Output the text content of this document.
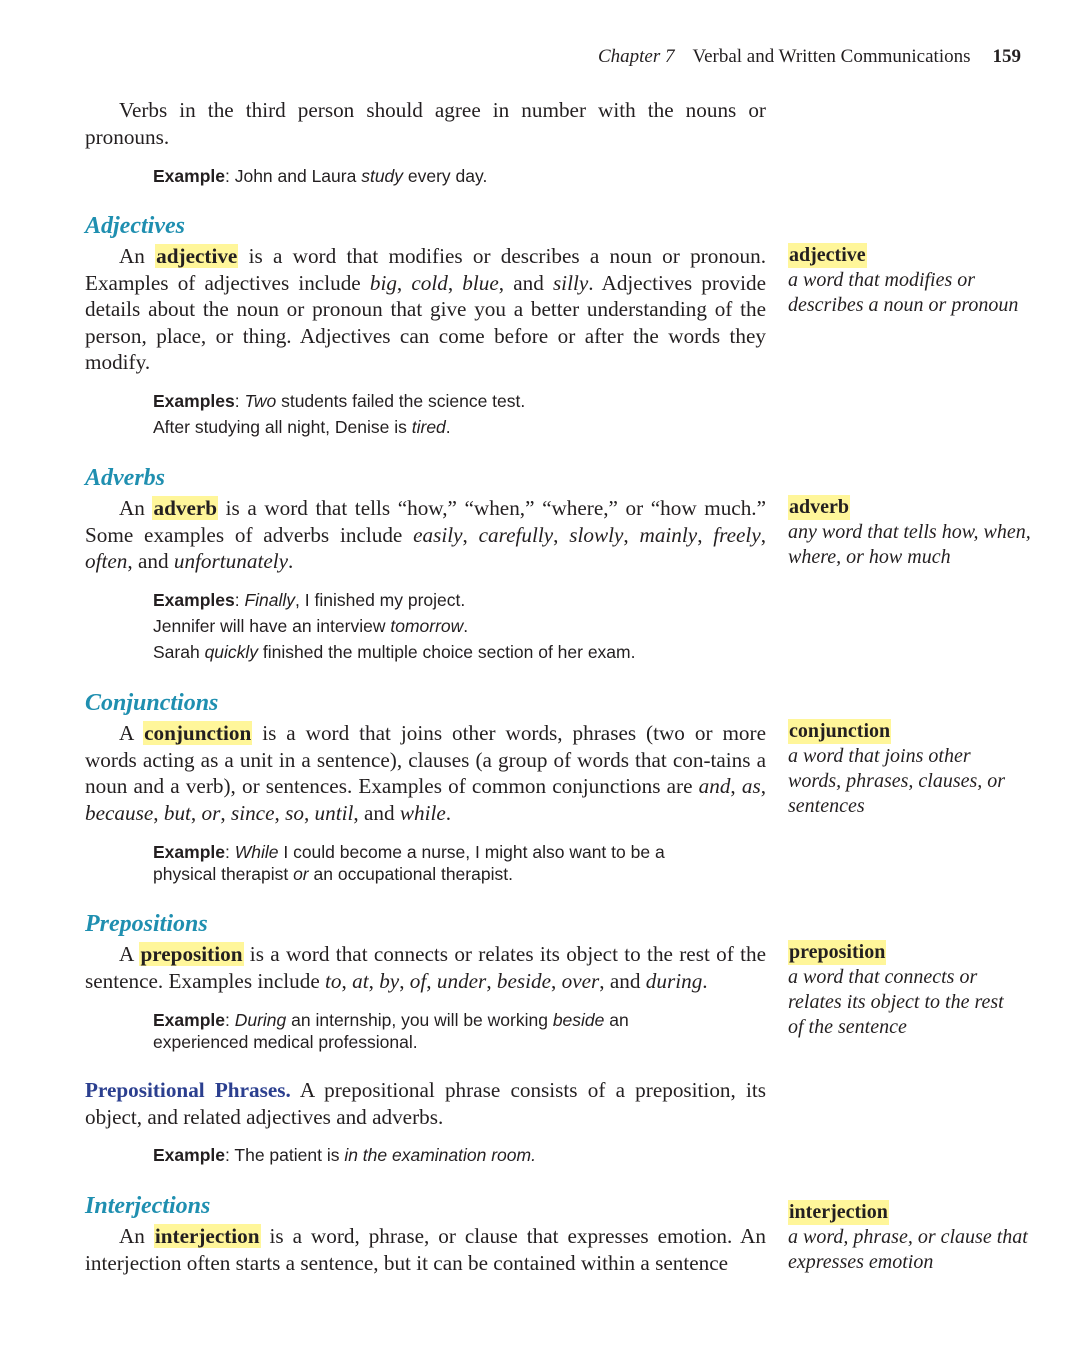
Chapter 7 Verbal and Written Communications 159

Verbs in the third person should agree in number with the nouns or pronouns.

Example: John and Laura study every day.
Adjectives

An adjective is a word that modifies or describes a noun or pronoun. Examples of adjectives include big, cold, blue, and silly. Adjectives provide details about the noun or pronoun that give you a better understanding of the person, place, or thing. Adjectives can come before or after the words they modify.

Examples: Two students failed the science test.
After studying all night, Denise is tired.
adjective
a word that modifies or describes a noun or pronoun
Adverbs

An adverb is a word that tells “how,” “when,” “where,” or “how much.” Some examples of adverbs include easily, carefully, slowly, mainly, freely, often, and unfortunately.

Examples: Finally, I finished my project.
Jennifer will have an interview tomorrow.
Sarah quickly finished the multiple choice section of her exam.
adverb
any word that tells how, when, where, or how much
Conjunctions

A conjunction is a word that joins other words, phrases (two or more words acting as a unit in a sentence), clauses (a group of words that con-tains a noun and a verb), or sentences. Examples of common conjunctions are and, as, because, but, or, since, so, until, and while.

Example: While I could become a nurse, I might also want to be a physical therapist or an occupational therapist.
conjunction
a word that joins other words, phrases, clauses, or sentences
Prepositions

A preposition is a word that connects or relates its object to the rest of the sentence. Examples include to, at, by, of, under, beside, over, and during.

Example: During an internship, you will be working beside an experienced medical professional.
preposition
a word that connects or relates its object to the rest of the sentence

Prepositional Phrases. A prepositional phrase consists of a preposition, its object, and related adjectives and adverbs.

Example: The patient is in the examination room.
Interjections

An interjection is a word, phrase, or clause that expresses emotion. An interjection often starts a sentence, but it can be contained within a sentence

interjection
a word, phrase, or clause that expresses emotion
